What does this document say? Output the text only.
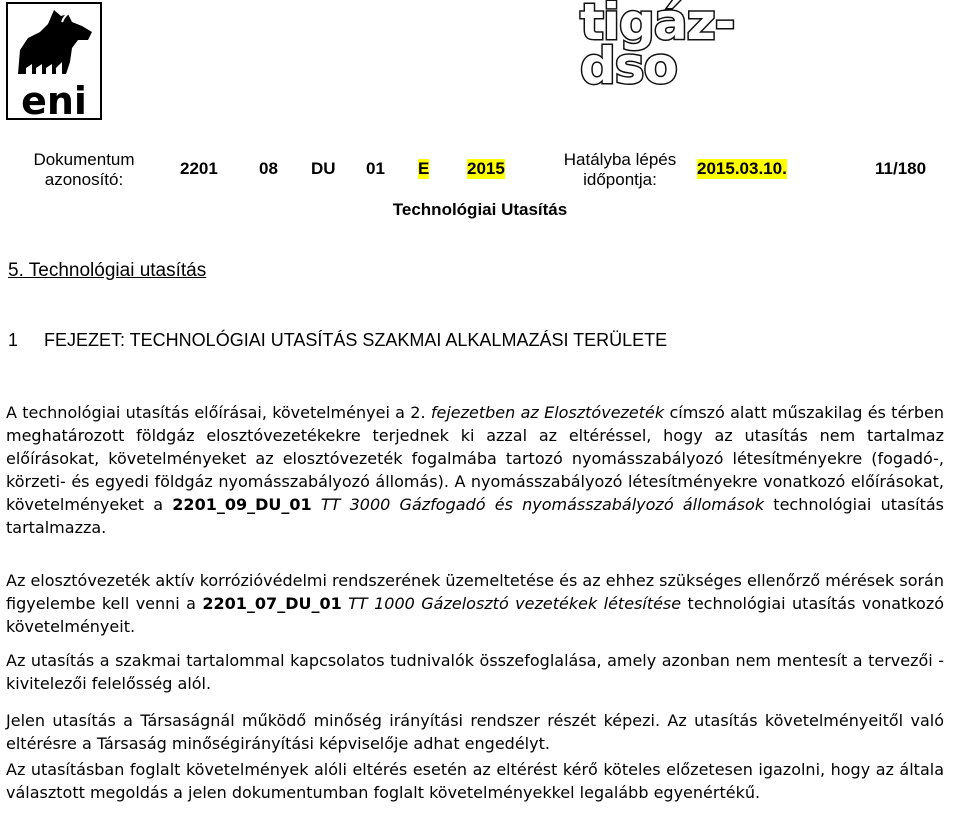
eni
tigáz-dso
Dokumentum
azonosító:
2201 08 DU 01 E 2015	Hatályba lépés
időpontja:
2015.03.10.	11/180
Technológiai Utasítás
5. Technológiai utasítás
1 FEJEZET: TECHNOLÓGIAI UTASÍTÁS SZAKMAI ALKALMAZÁSI TERÜLETE

A technológiai utasítás előírásai, követelményei a 2. fejezetben az Elosztóvezeték címszó alatt műszakilag és térben meghatározott földgáz elosztóvezetékekre terjednek ki azzal az eltéréssel, hogy az utasítás nem tartalmaz előírásokat, követelményeket az elosztóvezeték fogalmába tartozó nyomásszabályozó létesítményekre (fogadó-, körzeti- és egyedi földgáz nyomásszabályozó állomás). A nyomásszabályozó létesítményekre vonatkozó előírásokat, követelményeket a 2201_09_DU_01 TT 3000 Gázfogadó és nyomásszabályozó állomások technológiai utasítás tartalmazza.

Az elosztóvezeték aktív korrózióvédelmi rendszerének üzemeltetése és az ehhez szükséges ellenőrző mérések során figyelembe kell venni a 2201_07_DU_01 TT 1000 Gázelosztó vezetékek létesítése technológiai utasítás vonatkozó követelményeit.

Az utasítás a szakmai tartalommal kapcsolatos tudnivalók összefoglalása, amely azonban nem mentesít a tervezői - kivitelezői felelősség alól.

Jelen utasítás a Társaságnál működő minőség irányítási rendszer részét képezi. Az utasítás követelményeitől való eltérésre a Társaság minőségirányítási képviselője adhat engedélyt.

Az utasításban foglalt követelmények alóli eltérés esetén az eltérést kérő köteles előzetesen igazolni, hogy az általa választott megoldás a jelen dokumentumban foglalt követelményekkel legalább egyenértékű.
